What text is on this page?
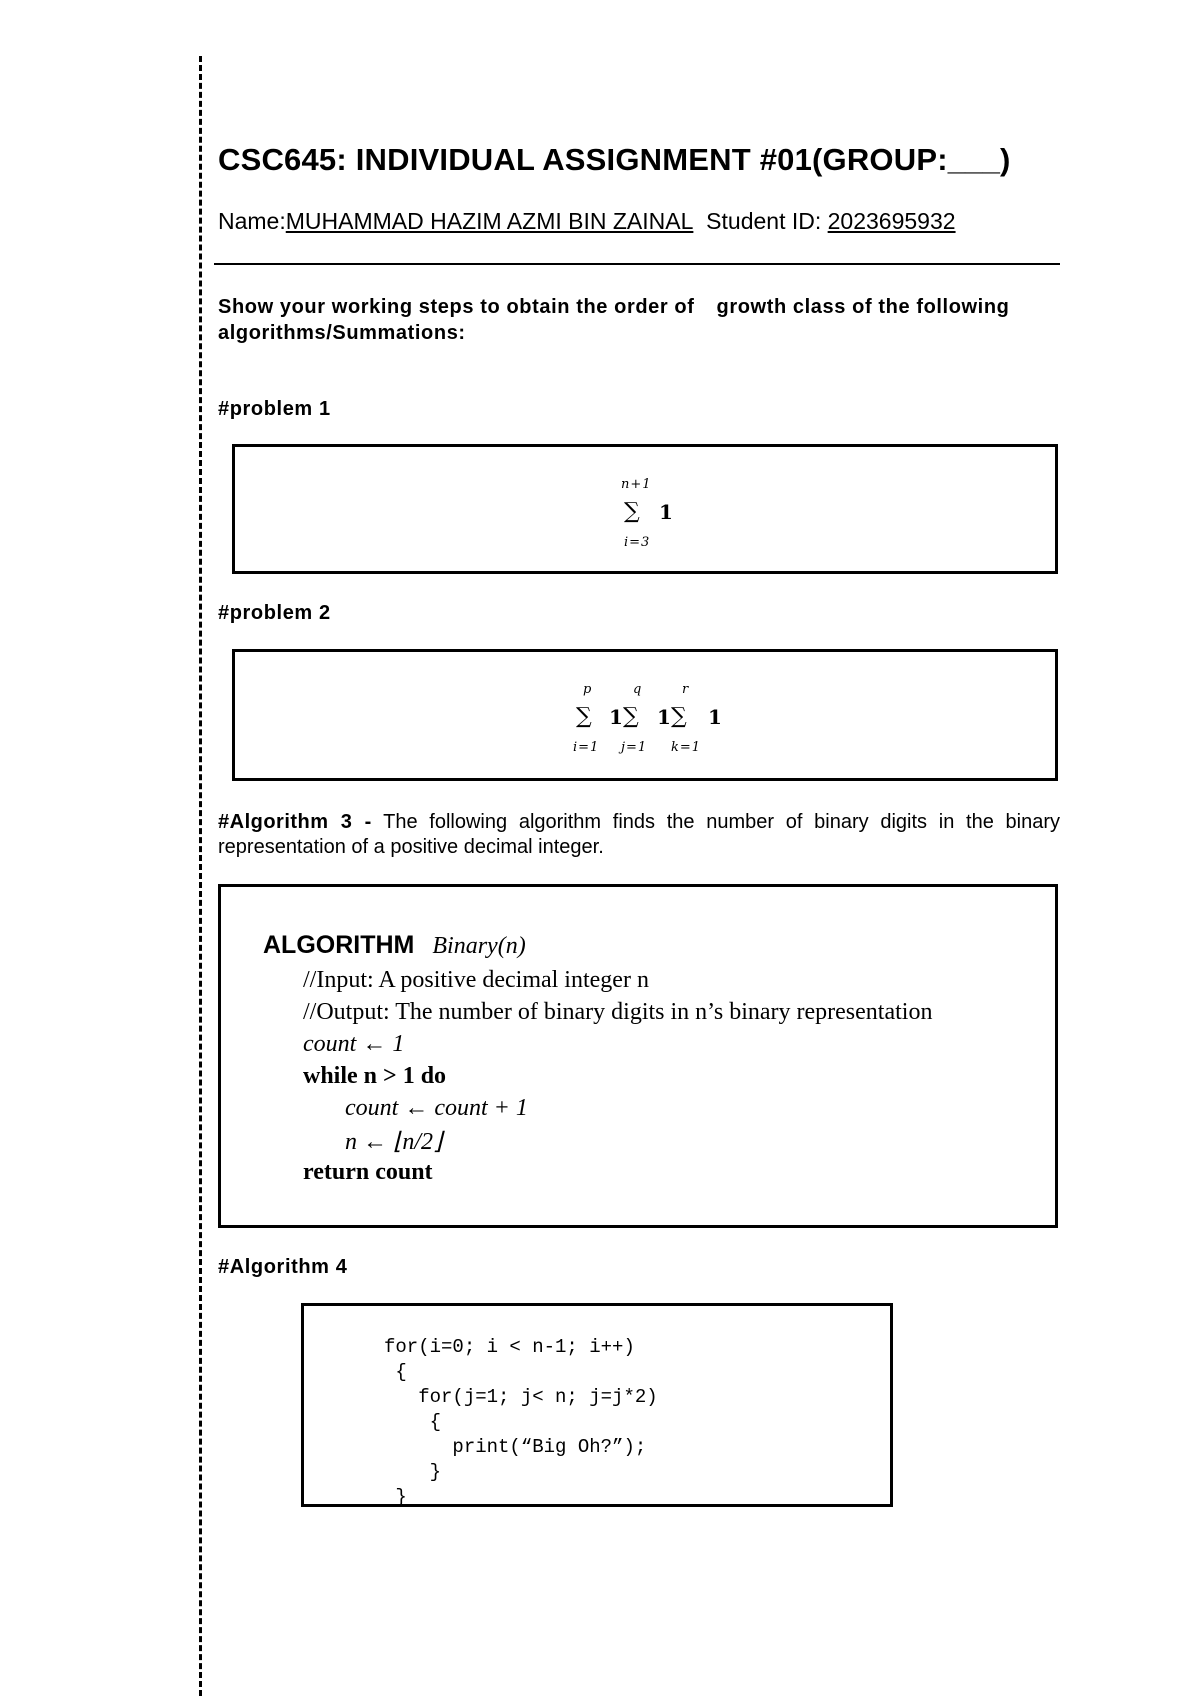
CSC645: INDIVIDUAL ASSIGNMENT #01(GROUP:___)
Name:MUHAMMAD HAZIM AZMI BIN ZAINAL Student ID: 2023695932
Show your working steps to obtain the order of growth class of the following
algorithms/Summations:
#problem 1
n+1
∑ 1
i=3
#problem 2
p
∑ 1
i=1
q
∑ 1
j=1
r
∑ 1
k=1
#Algorithm 3 - The following algorithm finds the number of binary digits in the binary representation of a positive decimal integer.
ALGORITHM Binary(n)
//Input: A positive decimal integer n
//Output: The number of binary digits in n’s binary representation
count ← 1
while n > 1 do
count ← count + 1
n ← ⌊n/2⌋
return count
#Algorithm 4
for(i=0; i < n-1; i++)
{
for(j=1; j< n; j=j*2)
{
print(“Big Oh?”);
}
}
